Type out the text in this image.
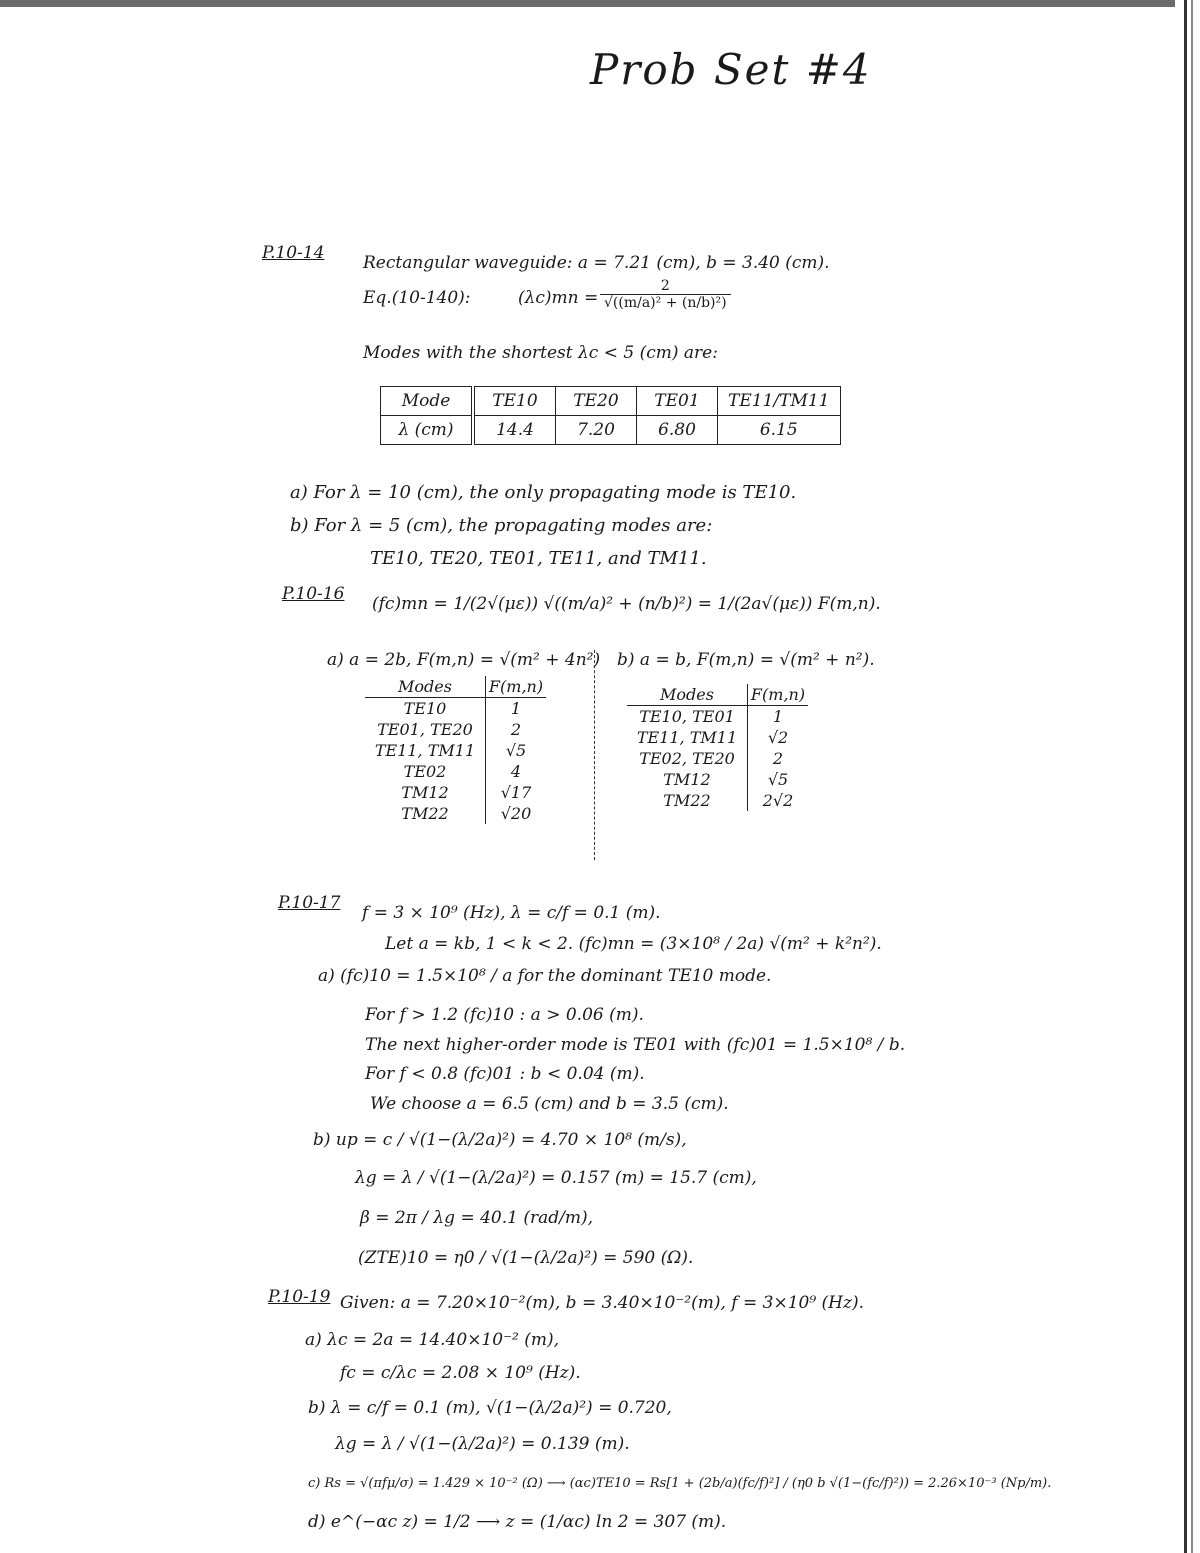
Prob Set #4
P.10-14 Rectangular waveguide: a = 7.21 (cm), b = 3.40 (cm).
Eq.(10-140):	$(\lambda c)mn = \frac{2}{\text{√((m/a)² + (n/b)²)}}$
Modes with the shortest λc < 5 (cm) are:
Mode	TE10	TE20	TE01	TE11/TM11
λ (cm)	14.4	7.20	6.80	6.15
a) For λ = 10 (cm), the only propagating mode is TE10.
b) For λ = 5 (cm), the propagating modes are:
TE10, TE20, TE01, TE11, and TM11.
P.10-16 (fc)mn = 1/(2√(με)) √((m/a)² + (n/b)²) = 1/(2a√(με)) F(m,n).
a) a = 2b, F(m,n) = √(m² + 4n²) b) a = b, F(m,n) = √(m² + n²).
Modes	F(m,n)
TE10	1
TE01, TE20	2
TE11, TM11	√5
TE02	4
TM12	√17
TM22	√20
Modes	F(m,n)
TE10, TE01	1
TE11, TM11	√2
TE02, TE20	2
TM12	√5
TM22	2√2
P.10-17 f = 3 × 10⁹ (Hz), λ = c/f = 0.1 (m).
Let a = kb, 1 < k < 2. (fc)mn = (3×10⁸ / 2a) √(m² + k²n²).
a) (fc)10 = 1.5×10⁸ / a for the dominant TE10 mode.
For f > 1.2 (fc)10 : a > 0.06 (m).
The next higher-order mode is TE01 with (fc)01 = 1.5×10⁸ / b.
For f < 0.8 (fc)01 : b < 0.04 (m).
We choose a = 6.5 (cm) and b = 3.5 (cm).
b) up = c / √(1−(λ/2a)²) = 4.70 × 10⁸ (m/s),
λg = λ / √(1−(λ/2a)²) = 0.157 (m) = 15.7 (cm),
β = 2π / λg = 40.1 (rad/m),
(ZTE)10 = η0 / √(1−(λ/2a)²) = 590 (Ω).
P.10-19 Given: a = 7.20×10⁻²(m), b = 3.40×10⁻²(m), f = 3×10⁹ (Hz).
a) λc = 2a = 14.40×10⁻² (m),
fc = c/λc = 2.08 × 10⁹ (Hz).
b) λ = c/f = 0.1 (m), √(1−(λ/2a)²) = 0.720,
λg = λ / √(1−(λ/2a)²) = 0.139 (m).
c) Rs = √(πfμ/σ) = 1.429 × 10⁻² (Ω) ⟶ (αc)TE10 = Rs[1 + (2b/a)(fc/f)²] / (η0 b √(1−(fc/f)²)) = 2.26×10⁻³ (Np/m).
d) e^(−αc z) = 1/2 ⟶ z = (1/αc) ln 2 = 307 (m).
